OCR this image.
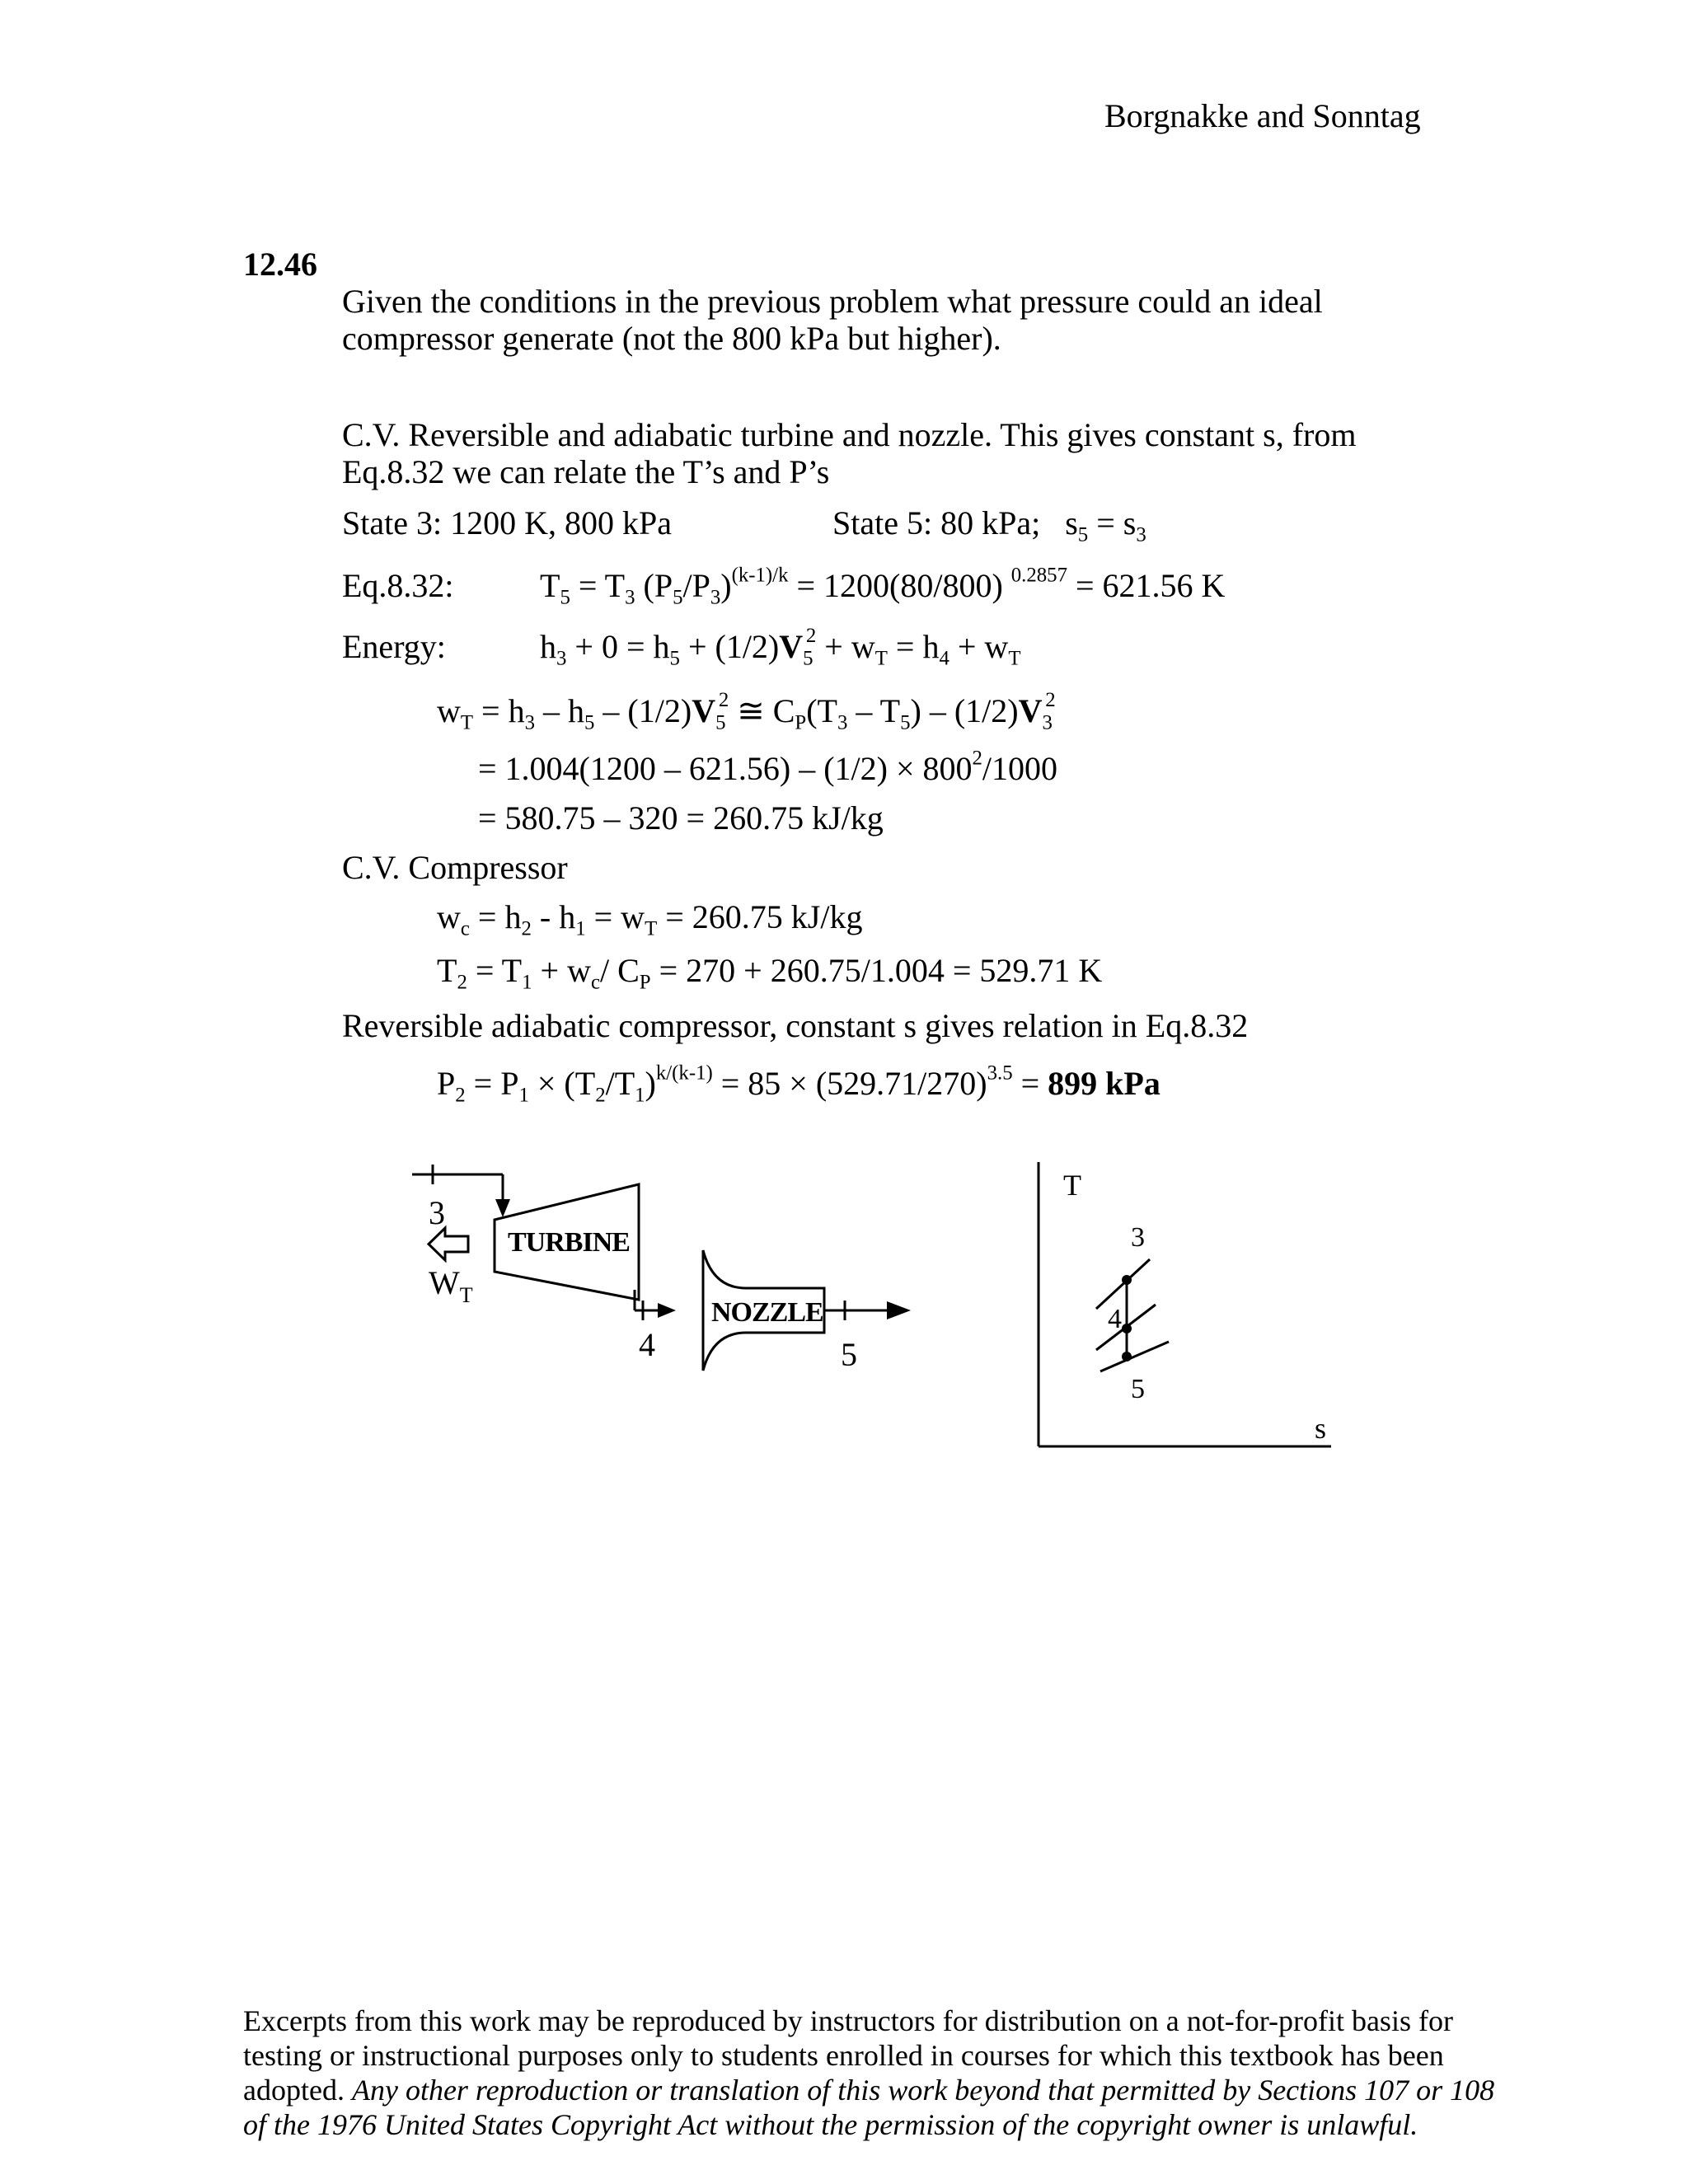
Borgnakke and Sonntag
12.46
Given the conditions in the previous problem what pressure could an ideal
compressor generate (not the 800 kPa but higher).
C.V. Reversible and adiabatic turbine and nozzle. This gives constant s, from
Eq.8.32 we can relate the T’s and P’s
State 3: 1200 K, 800 kPa	State 5: 80 kPa;   $s_5 = s_3$
Eq.8.32:	$T_5 = T_3$ $(P_5/P_3)^{(k-1)/k} = 1200(80/800) ^{0.2857} = 621.56$ K
Energy:	$h_3 + 0 = h_5 + (1/2)V_5^2 + w_T = h_4 + w_T$
$w_T = h_3 - h_5 - (1/2)V_5^2$ ≅ $C_P(T_3 - T_5) - (1/2)V_3^2$
= $1.004(1200 - 621.56) - (1/2) \times 800^2/1000$
= 580.75 – 320 = 260.75 kJ/kg
C.V. Compressor
$w_c = h_2 - h_1 = w_T = 260.75$ kJ/kg
$T_2 = T_1 + w_c/$ $C_P = 270 + 260.75/1.004 = 529.71$ K
Reversible adiabatic compressor, constant s gives relation in Eq.8.32
$P_2 = P_1 \times (T_2/T_1)^{k/(k-1)} = 85 \times (529.71/270)^{3.5} = 899$ kPa
TURBINE
3
$W_T$
4
NOZZLE
5
T
s
3
4
5
Excerpts from this work may be reproduced by instructors for distribution on a not-for-profit basis for
testing or instructional purposes only to students enrolled in courses for which this textbook has been
adopted. Any other reproduction or translation of this work beyond that permitted by Sections 107 or 108
of the 1976 United States Copyright Act without the permission of the copyright owner is unlawful.
